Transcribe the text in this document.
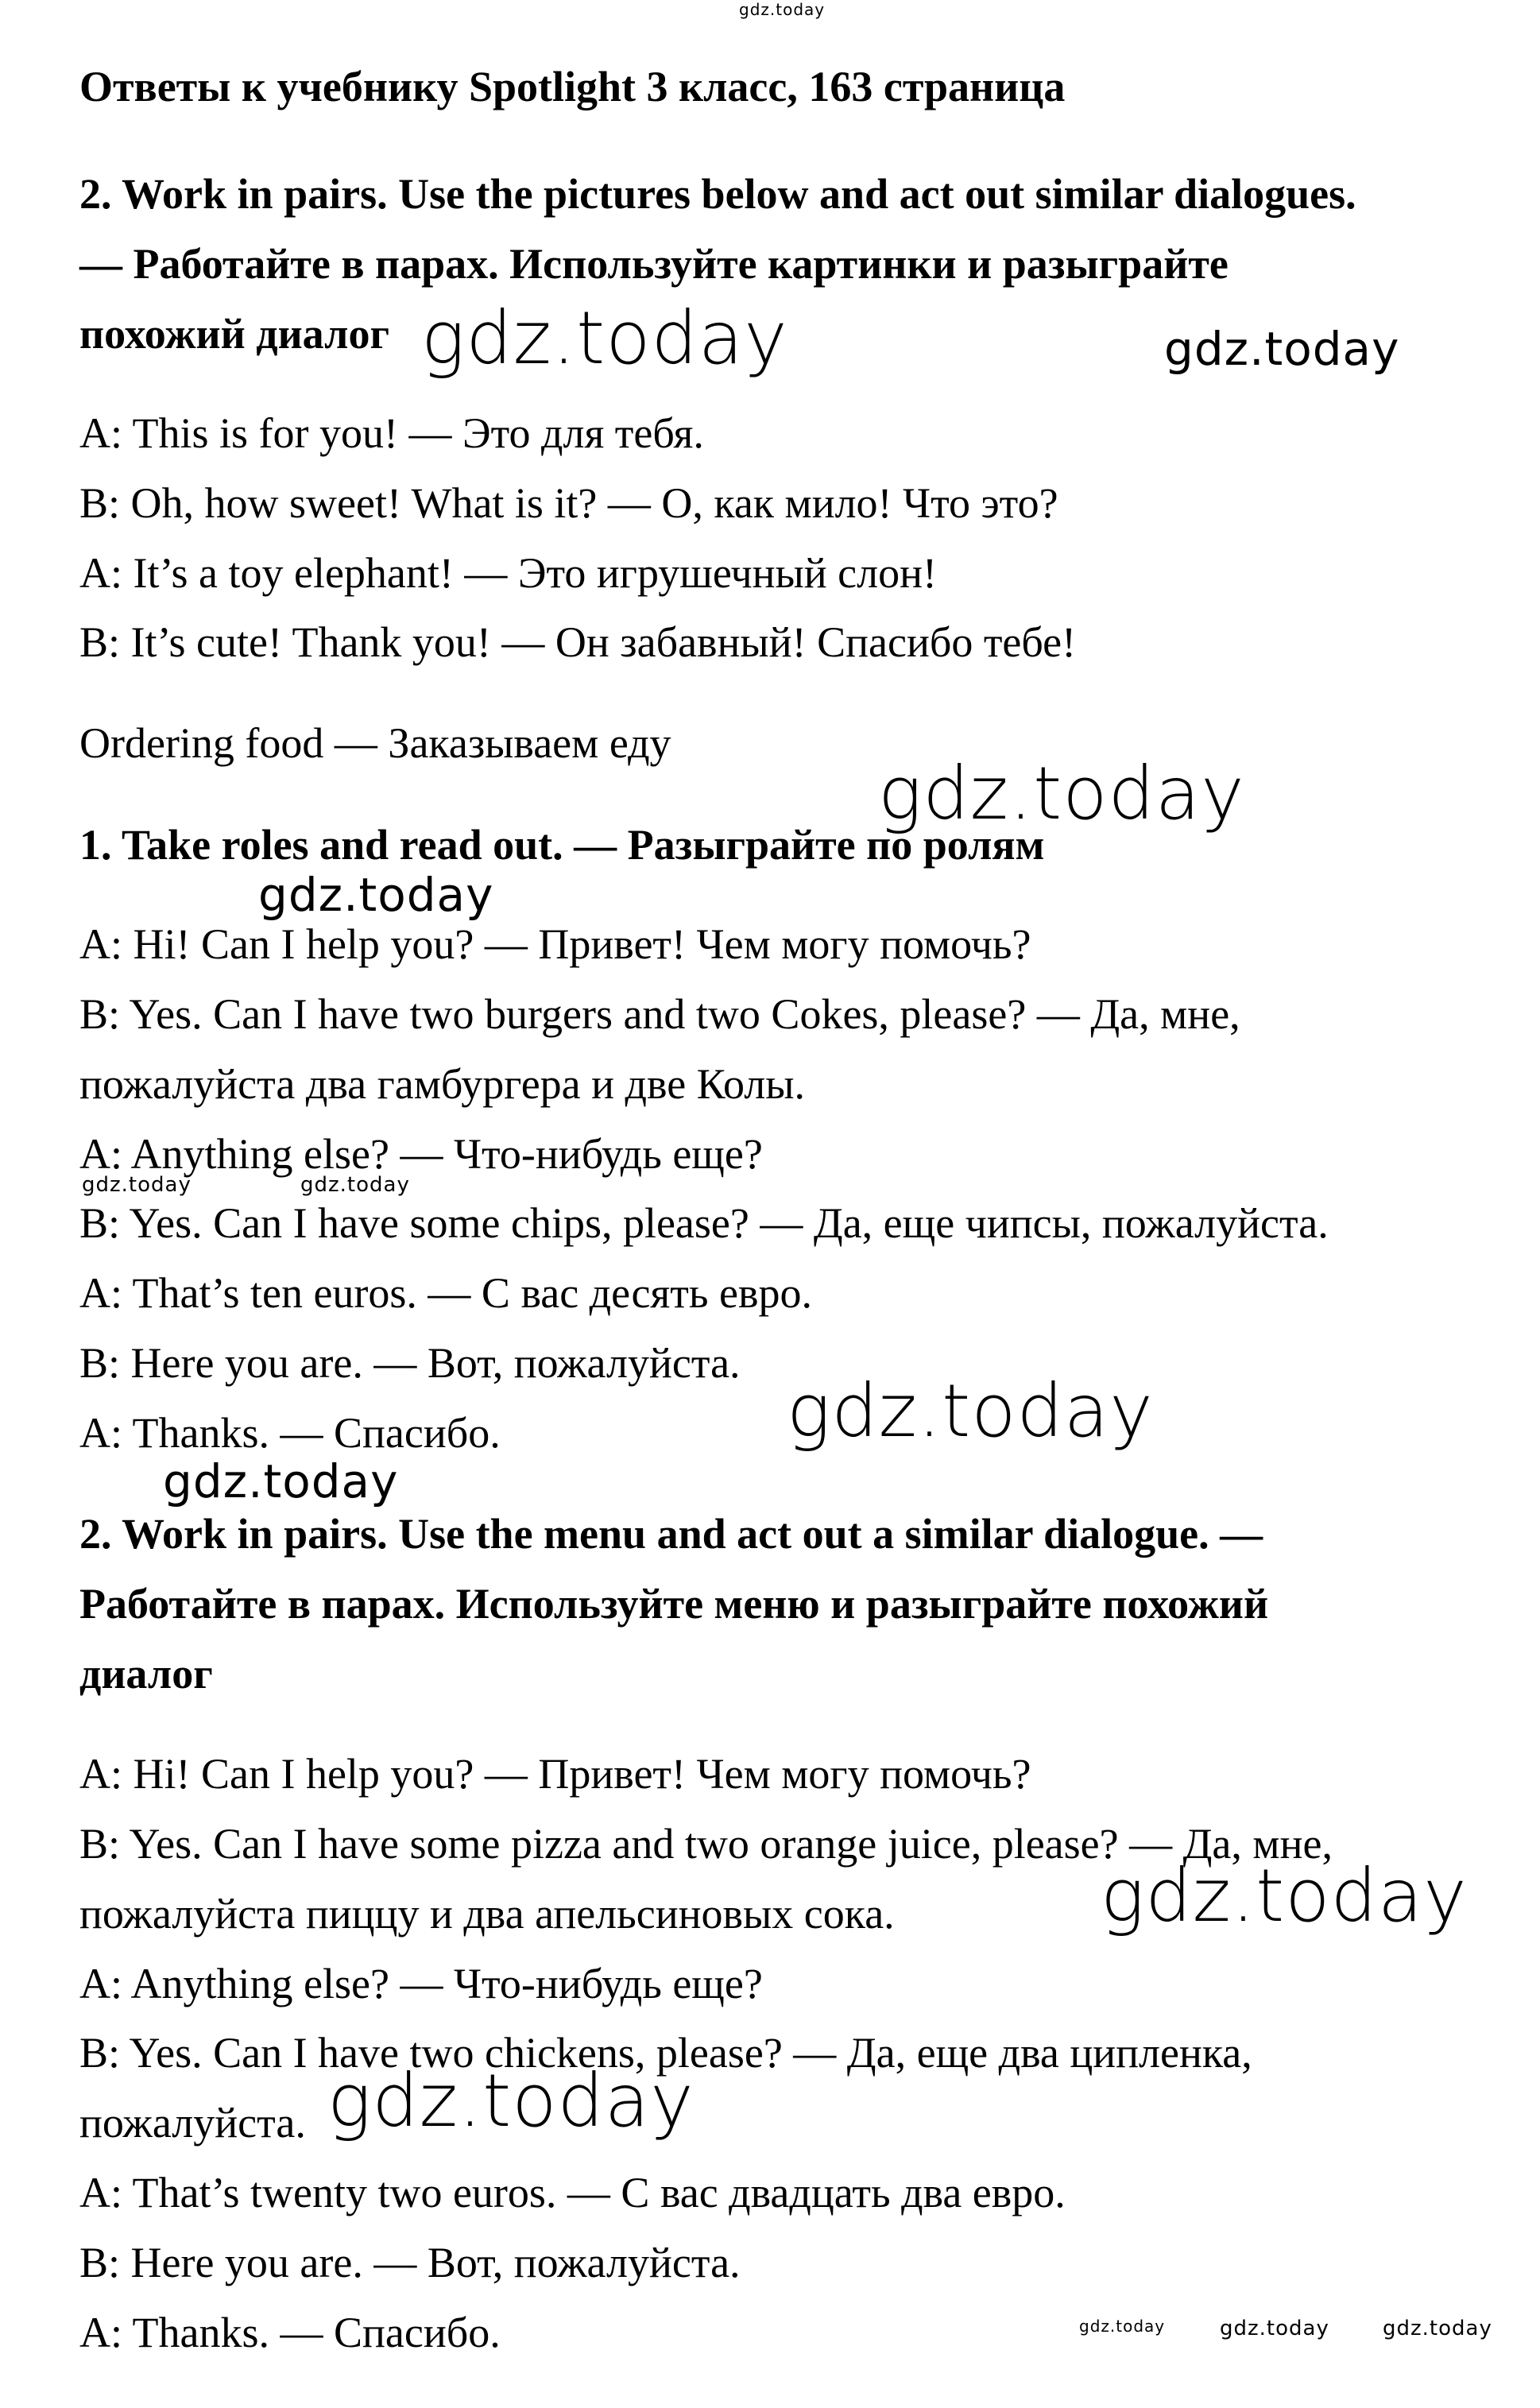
Ответы к учебнику Spotlight 3 класс, 163 страница
2. Work in pairs. Use the pictures below and act out similar dialogues.
— Работайте в парах. Используйте картинки и разыграйте
похожий диалог
A: This is for you! — Это для тебя.
B: Oh, how sweet! What is it? — О, как мило! Что это?
A: It’s a toy elephant! — Это игрушечный слон!
B: It’s cute! Thank you! — Он забавный! Спасибо тебе!
Ordering food — Заказываем еду
1. Take roles and read out. — Разыграйте по ролям
A: Hi! Can I help you? — Привет! Чем могу помочь?
B: Yes. Can I have two burgers and two Cokes, please? — Да, мне,
пожалуйста два гамбургера и две Колы.
A: Anything else? — Что-нибудь еще?
B: Yes. Can I have some chips, please? — Да, еще чипсы, пожалуйста.
A: That’s ten euros. — С вас десять евро.
B: Here you are. — Вот, пожалуйста.
A: Thanks. — Спасибо.
2. Work in pairs. Use the menu and act out a similar dialogue. —
Работайте в парах. Используйте меню и разыграйте похожий
диалог
A: Hi! Can I help you? — Привет! Чем могу помочь?
B: Yes. Can I have some pizza and two orange juice, please? — Да, мне,
пожалуйста пиццу и два апельсиновых сока.
A: Anything else? — Что-нибудь еще?
B: Yes. Can I have two chickens, please? — Да, еще два ципленка,
пожалуйста.
A: That’s twenty two euros. — С вас двадцать два евро.
B: Here you are. — Вот, пожалуйста.
A: Thanks. — Спасибо.
gdz.today
gdz.today	gdz.today
gdz.today
gdz.today
gdz.today	gdz.today
gdz.today
gdz.today
gdz.today
gdz.today
gdz.today	gdz.today	gdz.today
